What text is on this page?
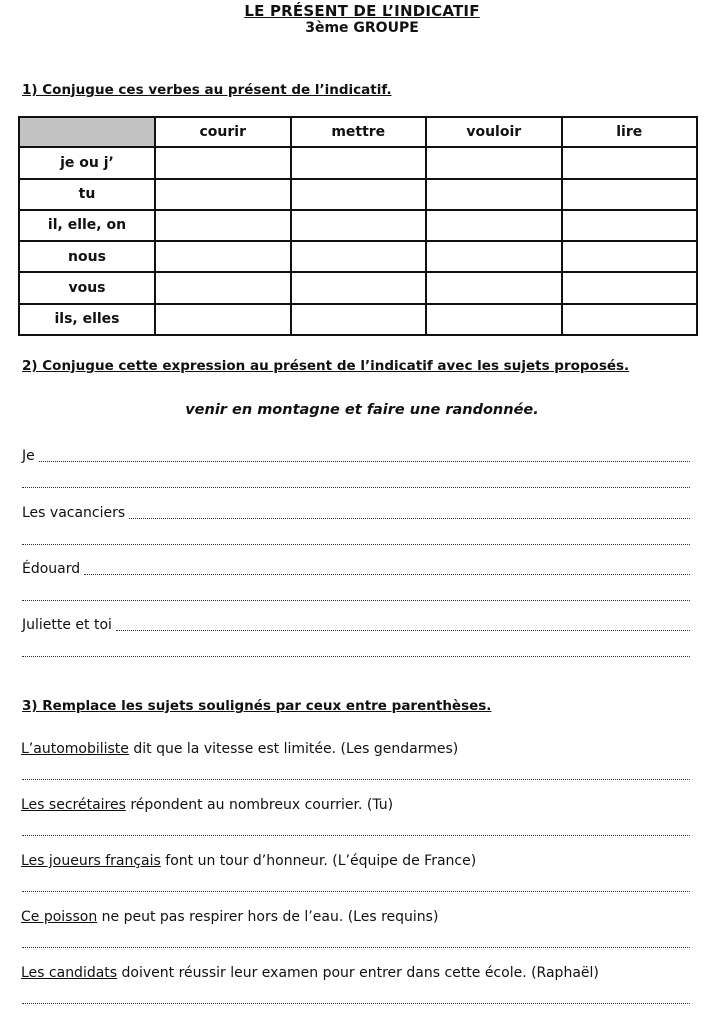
LE PRÉSENT DE L’INDICATIF
3ème GROUPE
1) Conjugue ces verbes au présent de l’indicatif.
	courir	mettre	vouloir	lire
je ou j’				
tu				
il, elle, on				
nous				
vous				
ils, elles				
2) Conjugue cette expression au présent de l’indicatif avec les sujets proposés.
venir en montagne et faire une randonnée.
Je
Les vacanciers
Édouard
Juliette et toi
3) Remplace les sujets soulignés par ceux entre parenthèses.
L’automobiliste dit que la vitesse est limitée. (Les gendarmes)
Les secrétaires répondent au nombreux courrier. (Tu)
Les joueurs français font un tour d’honneur. (L’équipe de France)
Ce poisson ne peut pas respirer hors de l’eau. (Les requins)
Les candidats doivent réussir leur examen pour entrer dans cette école. (Raphaël)
